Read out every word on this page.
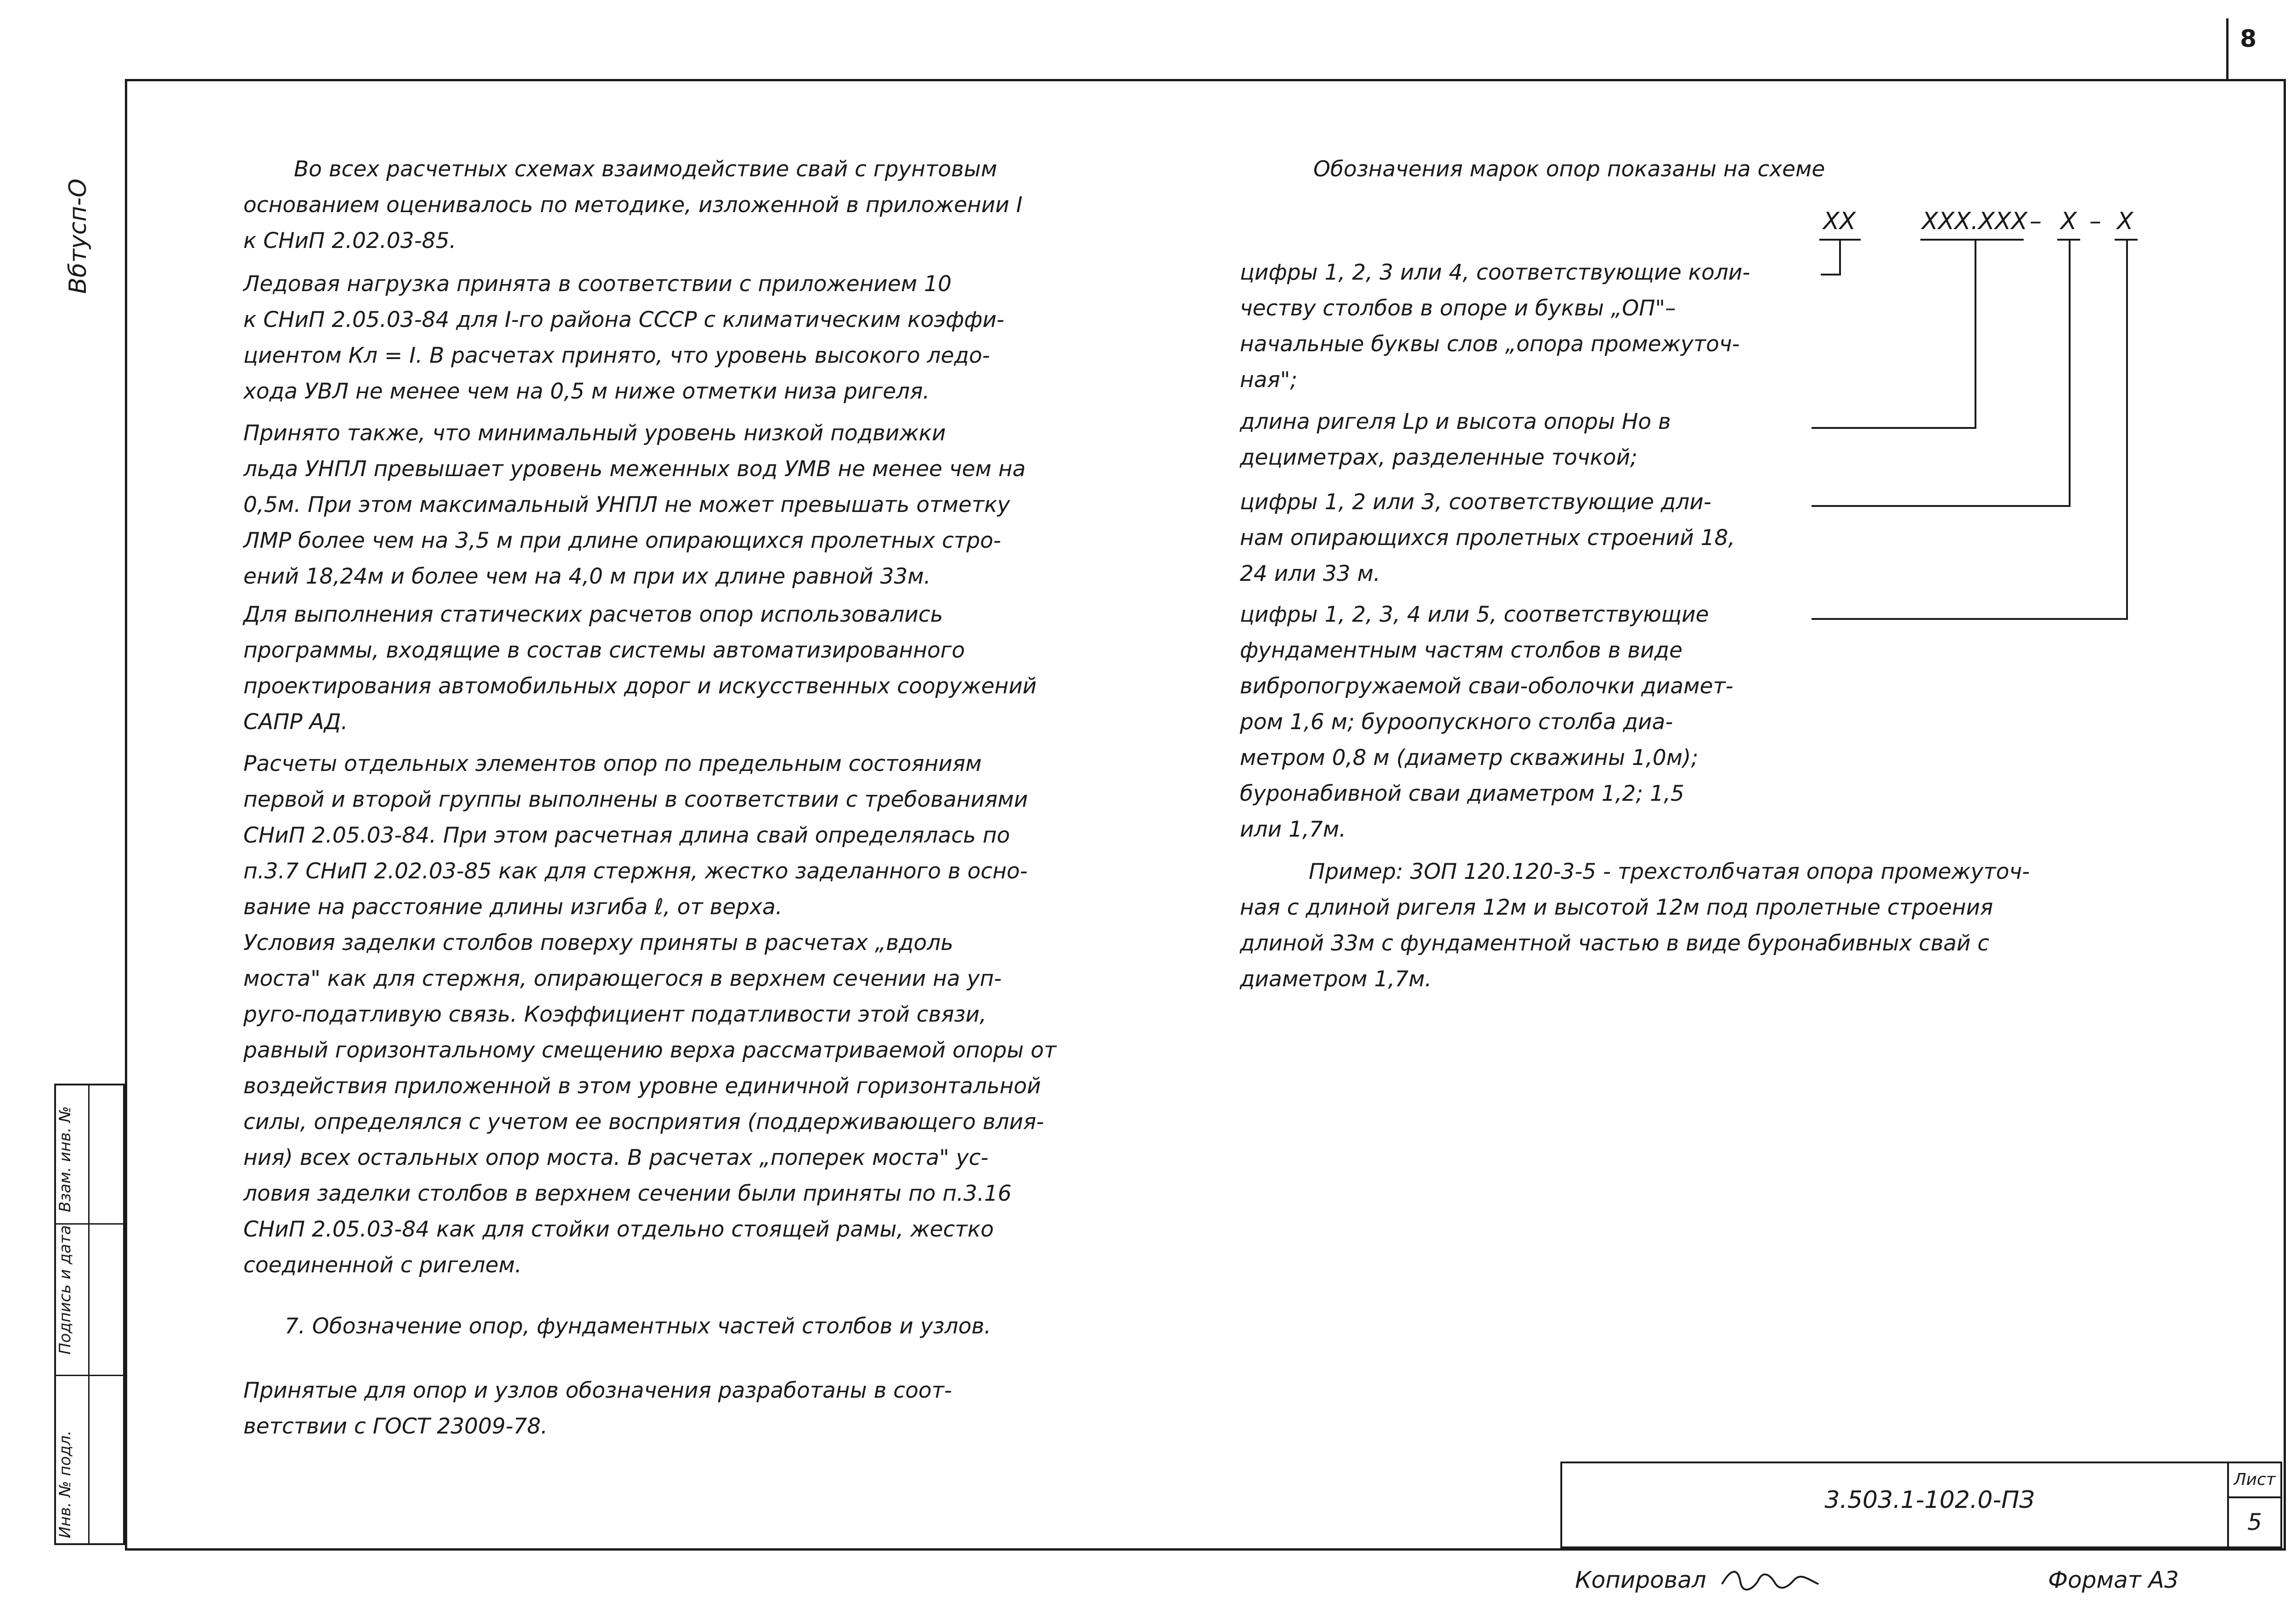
8
Вбтусп-О
Взам. инв. №
Подпись и дата
Инв. № подл.
Во всех расчетных схемах взаимодействие свай с грунтовым
основанием оценивалось по методике, изложенной в приложении I
к СНиП 2.02.03-85.
Ледовая нагрузка принята в соответствии с приложением 10
к СНиП 2.05.03-84 для I-го района СССР с климатическим коэффи-
циентом Кл = I. В расчетах принято, что уровень высокого ледо-
хода УВЛ не менее чем на 0,5 м ниже отметки низа ригеля.
Принято также, что минимальный уровень низкой подвижки
льда УНПЛ превышает уровень меженных вод УМВ не менее чем на
0,5м. При этом максимальный УНПЛ не может превышать отметку
ЛМР более чем на 3,5 м при длине опирающихся пролетных стро-
ений 18,24м и более чем на 4,0 м при их длине равной 33м.
Для выполнения статических расчетов опор использовались
программы, входящие в состав системы автоматизированного
проектирования автомобильных дорог и искусственных сооружений
САПР АД.
Расчеты отдельных элементов опор по предельным состояниям
первой и второй группы выполнены в соответствии с требованиями
СНиП 2.05.03-84. При этом расчетная длина свай определялась по
п.3.7 СНиП 2.02.03-85 как для стержня, жестко заделанного в осно-
вание на расстояние длины изгиба ℓ, от верха.
Условия заделки столбов поверху приняты в расчетах „вдоль
моста" как для стержня, опирающегося в верхнем сечении на уп-
руго-податливую связь. Коэффициент податливости этой связи,
равный горизонтальному смещению верха рассматриваемой опоры от
воздействия приложенной в этом уровне единичной горизонтальной
силы, определялся с учетом ее восприятия (поддерживающего влия-
ния) всех остальных опор моста. В расчетах „поперек моста" ус-
ловия заделки столбов в верхнем сечении были приняты по п.3.16
СНиП 2.05.03-84 как для стойки отдельно стоящей рамы, жестко
соединенной с ригелем.
7. Обозначение опор, фундаментных частей столбов и узлов.
Принятые для опор и узлов обозначения разработаны в соот-
ветствии с ГОСТ 23009-78.
Обозначения марок опор показаны на схеме
XX	XXX.XXX – X – X
цифры 1, 2, 3 или 4, соответствующие коли-
честву столбов в опоре и буквы „ОП"–
начальные буквы слов „опора промежуточ-
ная";
длина ригеля Lр и высота опоры Но в
дециметрах, разделенные точкой;
цифры 1, 2 или 3, соответствующие дли-
нам опирающихся пролетных строений 18,
24 или 33 м.
цифры 1, 2, 3, 4 или 5, соответствующие
фундаментным частям столбов в виде
вибропогружаемой сваи-оболочки диамет-
ром 1,6 м; буроопускного столба диа-
метром 0,8 м (диаметр скважины 1,0м);
буронабивной сваи диаметром 1,2; 1,5
или 1,7м.
Пример: 3ОП 120.120-3-5 - трехстолбчатая опора промежуточ-
ная с длиной ригеля 12м и высотой 12м под пролетные строения
длиной 33м с фундаментной частью в виде буронабивных свай с
диаметром 1,7м.
3.503.1-102.0-ПЗ
Лист
5
Копировал	Формат А3
